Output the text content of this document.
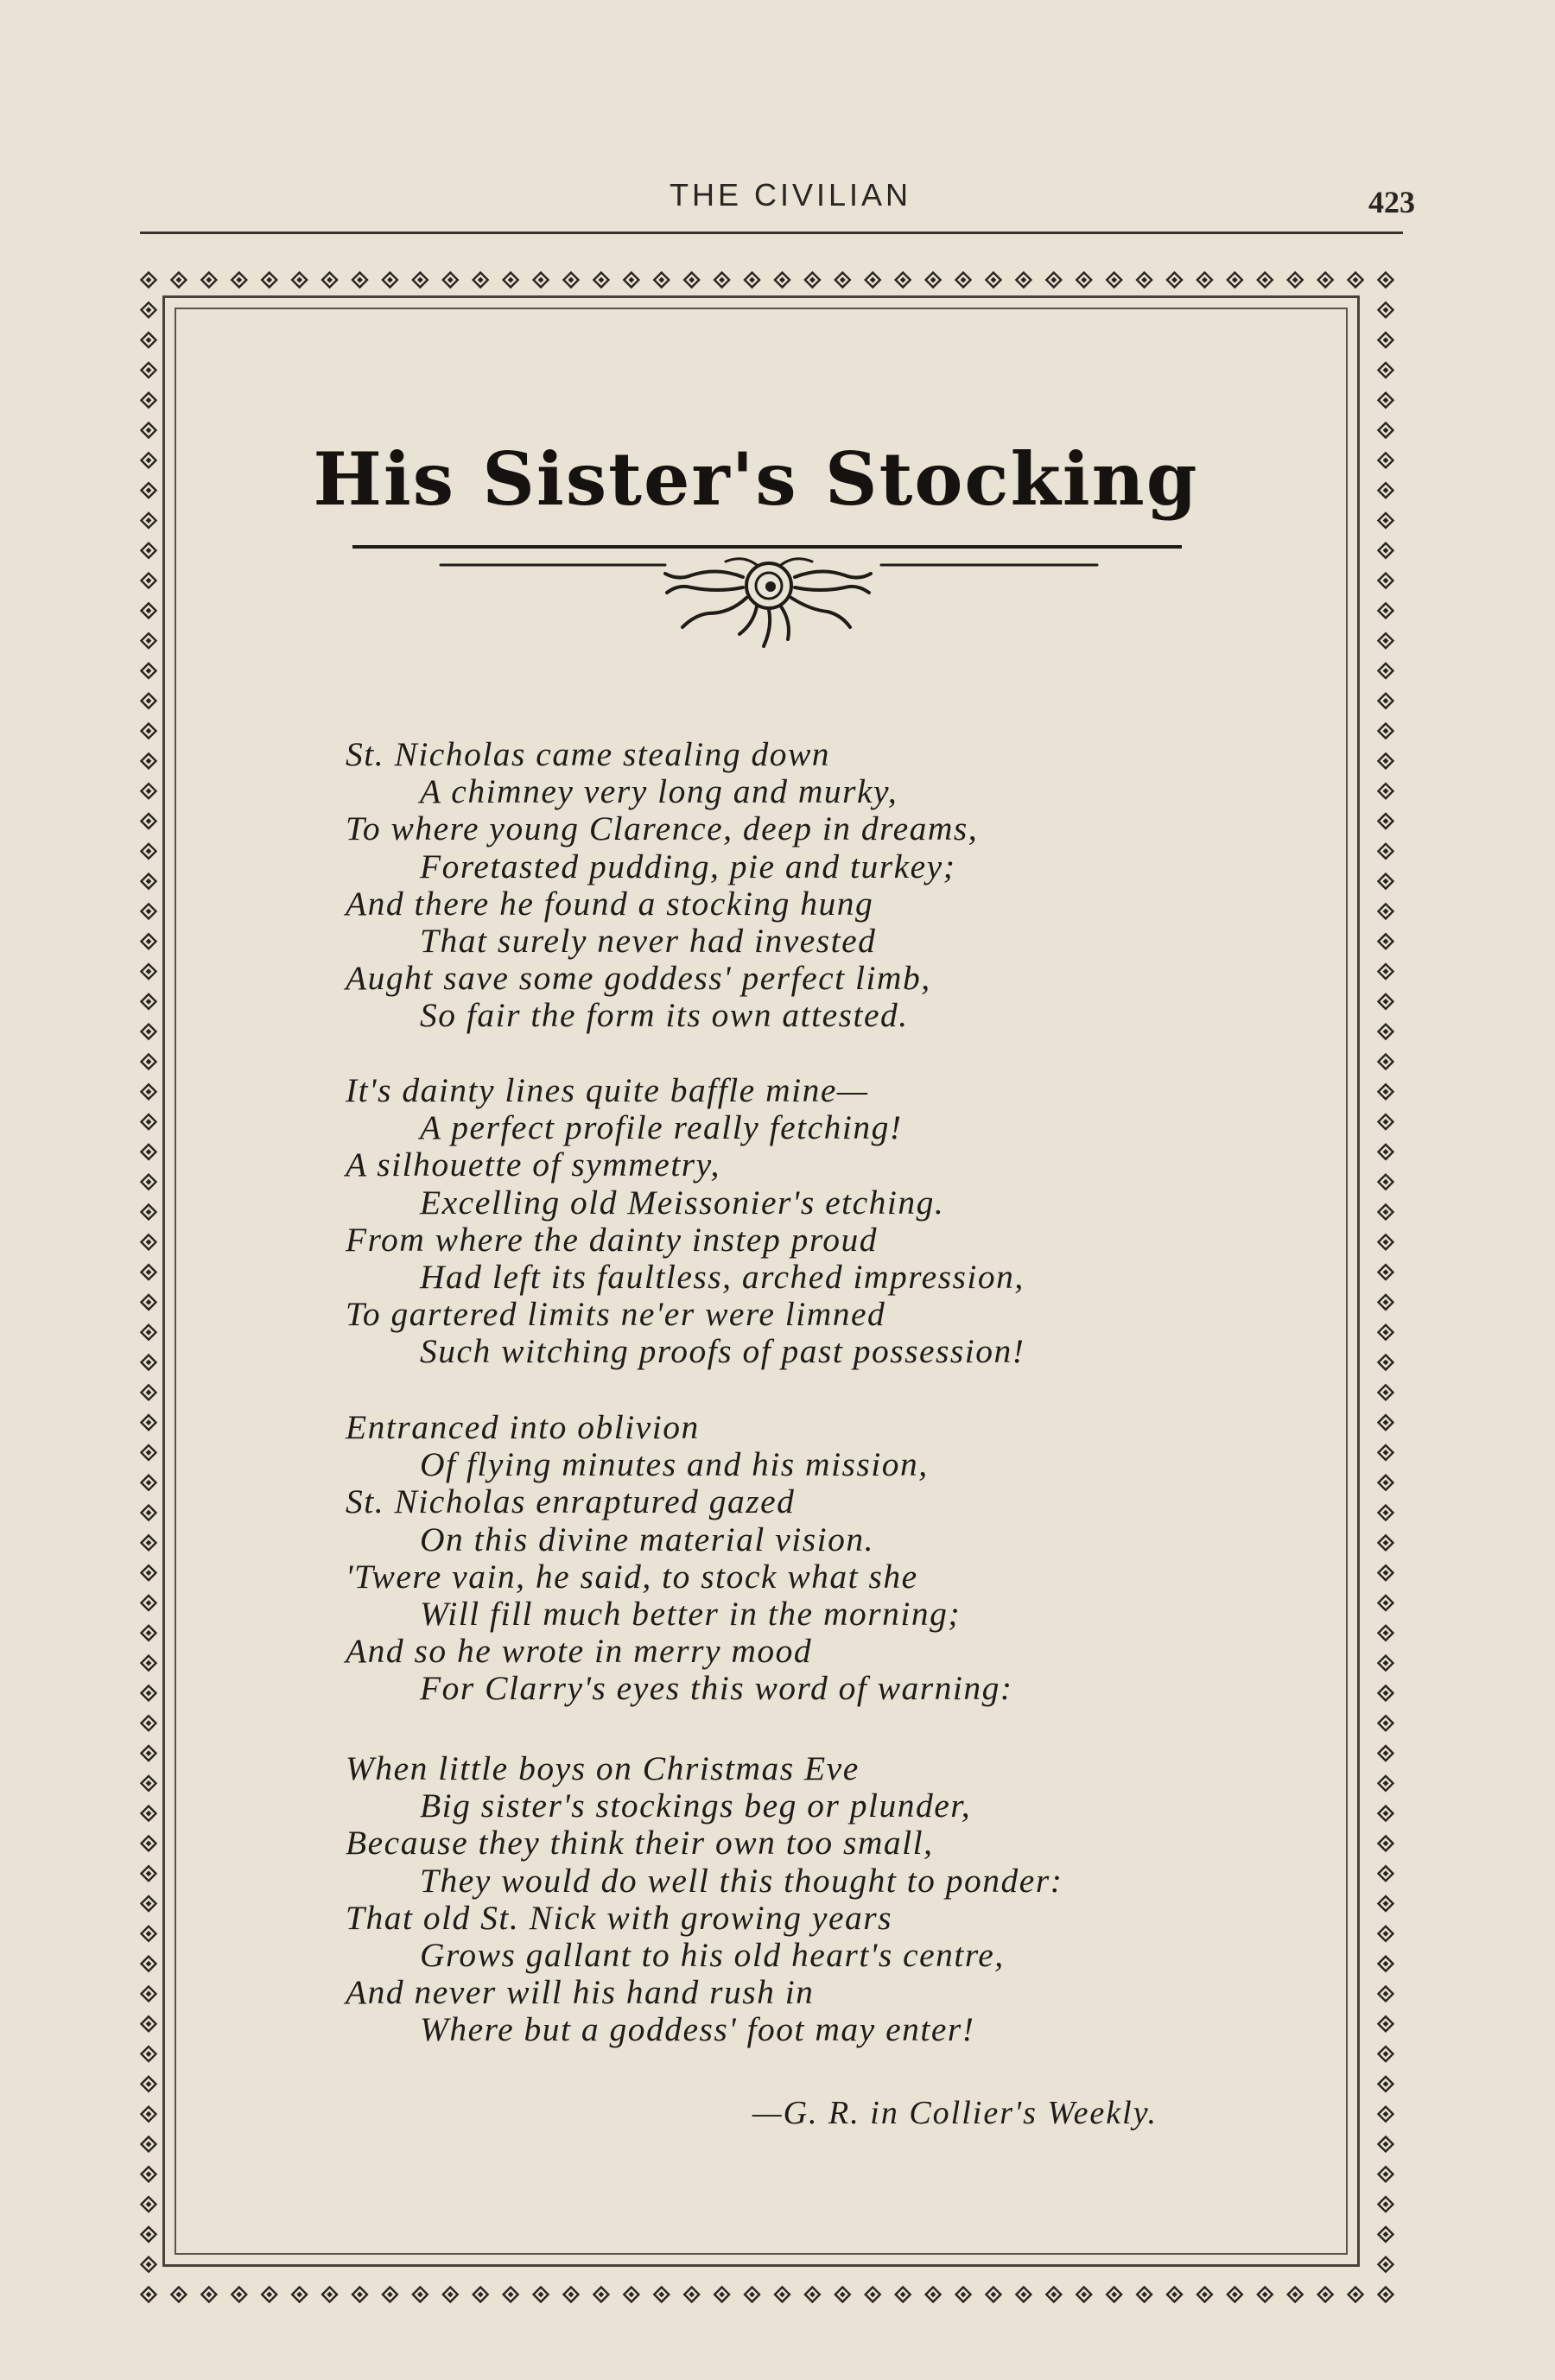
THE CIVILIAN	423
His Sister's Stocking
St. Nicholas came stealing down
A chimney very long and murky,
To where young Clarence, deep in dreams,
Foretasted pudding, pie and turkey;
And there he found a stocking hung
That surely never had invested
Aught save some goddess' perfect limb,
So fair the form its own attested.
It's dainty lines quite baffle mine—
A perfect profile really fetching!
A silhouette of symmetry,
Excelling old Meissonier's etching.
From where the dainty instep proud
Had left its faultless, arched impression,
To gartered limits ne'er were limned
Such witching proofs of past possession!
Entranced into oblivion
Of flying minutes and his mission,
St. Nicholas enraptured gazed
On this divine material vision.
'Twere vain, he said, to stock what she
Will fill much better in the morning;
And so he wrote in merry mood
For Clarry's eyes this word of warning:
When little boys on Christmas Eve
Big sister's stockings beg or plunder,
Because they think their own too small,
They would do well this thought to ponder:
That old St. Nick with growing years
Grows gallant to his old heart's centre,
And never will his hand rush in
Where but a goddess' foot may enter!
—G. R. in Collier's Weekly.
